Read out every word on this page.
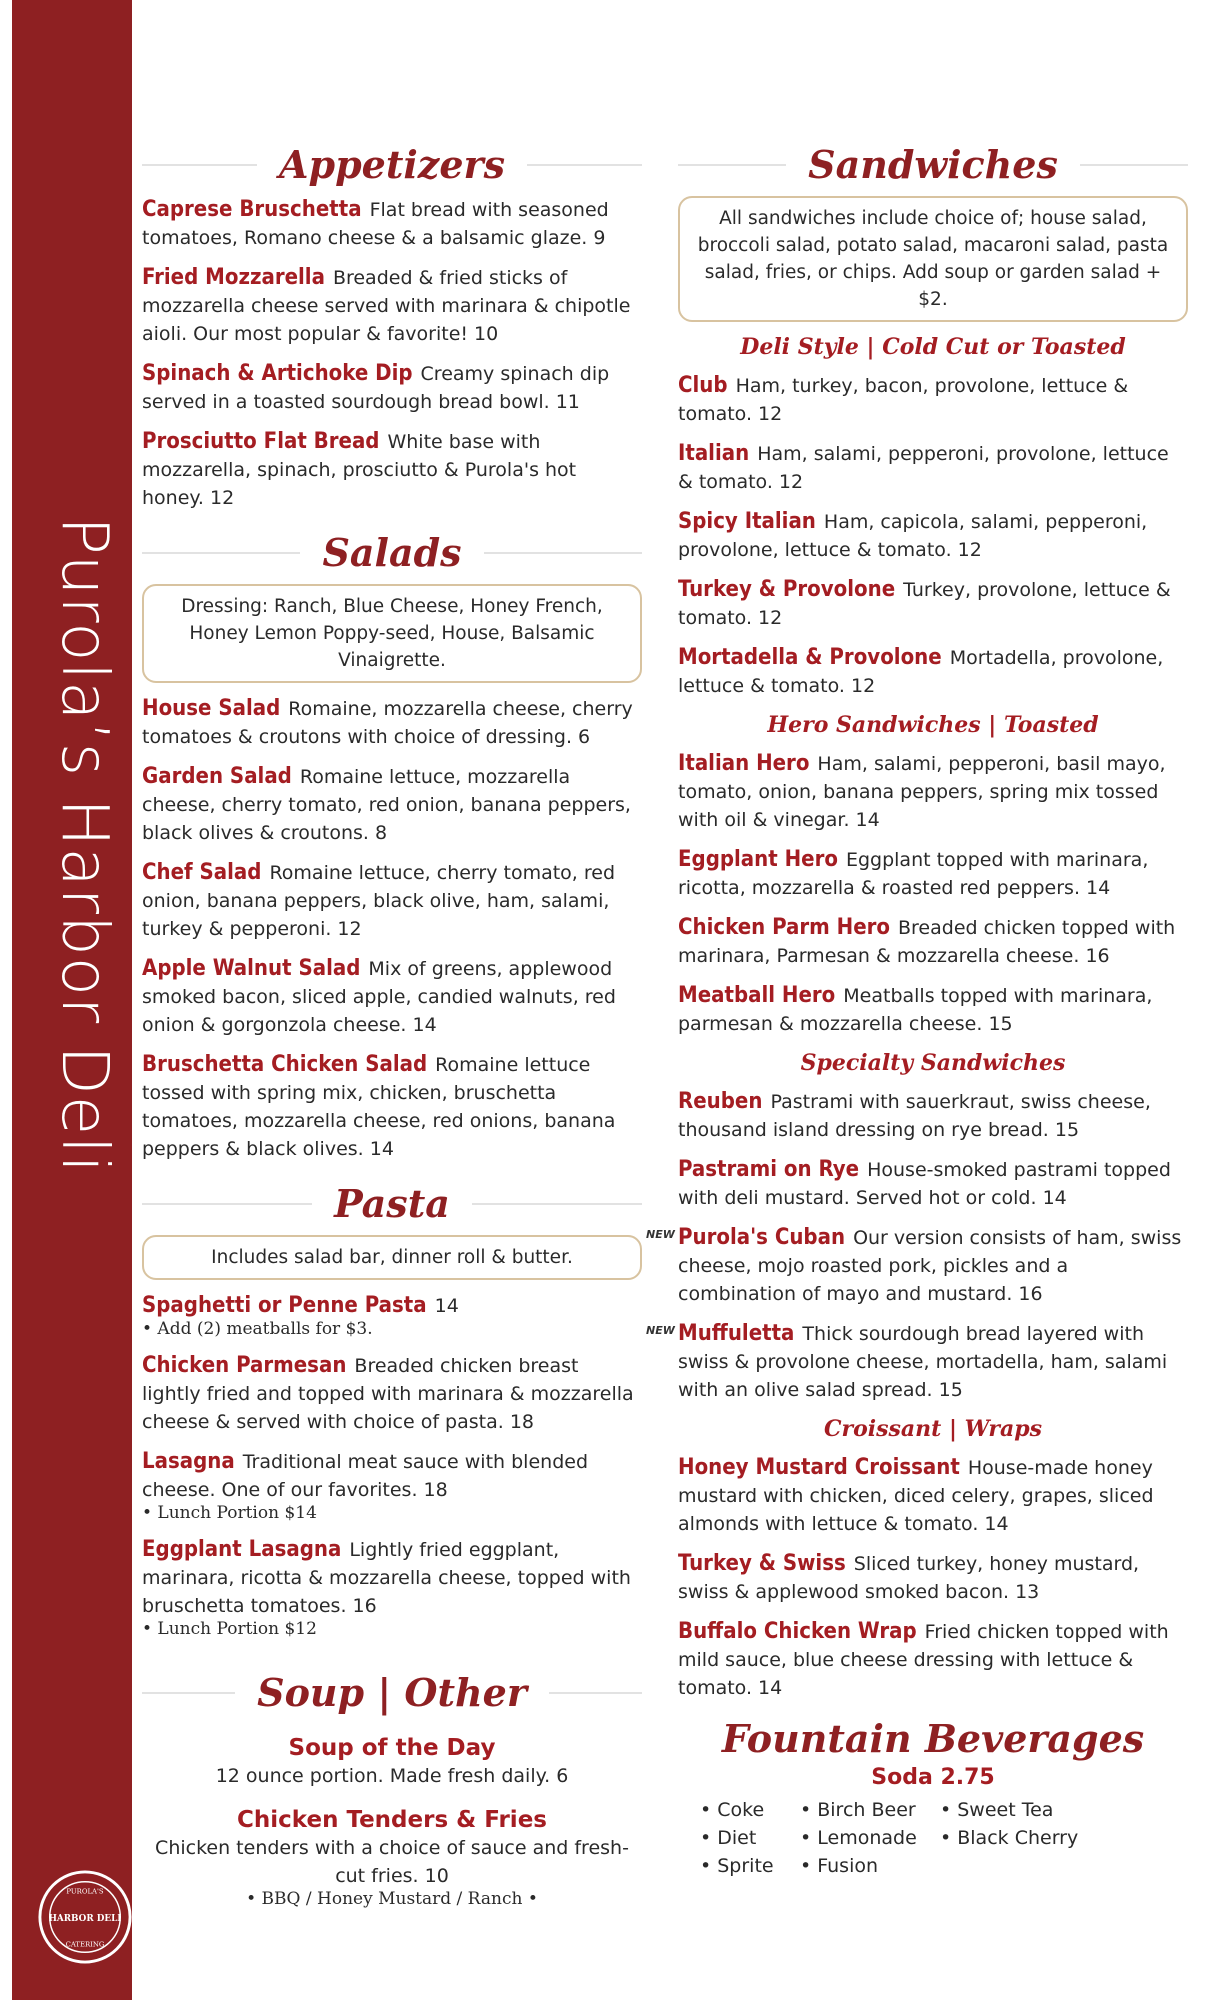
Purola’s Harbor Deli
PUROLA'S
HARBOR DELI
CATERING
Appetizers

Caprese Bruschetta Flat bread with seasoned tomatoes, Romano cheese & a balsamic glaze. 9

Fried Mozzarella Breaded & fried sticks of mozzarella cheese served with marinara & chipotle aioli. Our most popular & favorite! 10

Spinach & Artichoke Dip Creamy spinach dip served in a toasted sourdough bread bowl. 11

Prosciutto Flat Bread White base with mozzarella, spinach, prosciutto & Purola's hot honey. 12

Salads
Dressing: Ranch, Blue Cheese, Honey French, Honey Lemon Poppy-seed, House, Balsamic Vinaigrette.

House Salad Romaine, mozzarella cheese, cherry tomatoes & croutons with choice of dressing. 6

Garden Salad Romaine lettuce, mozzarella cheese, cherry tomato, red onion, banana peppers, black olives & croutons. 8

Chef Salad Romaine lettuce, cherry tomato, red onion, banana peppers, black olive, ham, salami, turkey & pepperoni. 12

Apple Walnut Salad Mix of greens, applewood smoked bacon, sliced apple, candied walnuts, red onion & gorgonzola cheese. 14

Bruschetta Chicken Salad Romaine lettuce tossed with spring mix, chicken, bruschetta tomatoes, mozzarella cheese, red onions, banana peppers & black olives. 14

Pasta
Includes salad bar, dinner roll & butter.
Spaghetti or Penne Pasta 14
• Add (2) meatballs for $3.
Chicken Parmesan Breaded chicken breast lightly fried and topped with marinara & mozzarella cheese & served with choice of pasta. 18
Lasagna Traditional meat sauce with blended cheese. One of our favorites. 18
• Lunch Portion $14
Eggplant Lasagna Lightly fried eggplant, marinara, ricotta & mozzarella cheese, topped with bruschetta tomatoes. 16
• Lunch Portion $12
Soup | Other
Soup of the Day
12 ounce portion. Made fresh daily. 6
Chicken Tenders & Fries
Chicken tenders with a choice of sauce and fresh-cut fries. 10
• BBQ / Honey Mustard / Ranch •
Sandwiches
All sandwiches include choice of; house salad, broccoli salad, potato salad, macaroni salad, pasta salad, fries, or chips. Add soup or garden salad + $2.
Deli Style | Cold Cut or Toasted

Club Ham, turkey, bacon, provolone, lettuce & tomato. 12

Italian Ham, salami, pepperoni, provolone, lettuce & tomato. 12

Spicy Italian Ham, capicola, salami, pepperoni, provolone, lettuce & tomato. 12

Turkey & Provolone Turkey, provolone, lettuce & tomato. 12

Mortadella & Provolone Mortadella, provolone, lettuce & tomato. 12

Hero Sandwiches | Toasted

Italian Hero Ham, salami, pepperoni, basil mayo, tomato, onion, banana peppers, spring mix tossed with oil & vinegar. 14

Eggplant Hero Eggplant topped with marinara, ricotta, mozzarella & roasted red peppers. 14

Chicken Parm Hero Breaded chicken topped with marinara, Parmesan & mozzarella cheese. 16

Meatball Hero Meatballs topped with marinara, parmesan & mozzarella cheese. 15

Specialty Sandwiches

Reuben Pastrami with sauerkraut, swiss cheese, thousand island dressing on rye bread. 15

Pastrami on Rye House-smoked pastrami topped with deli mustard. Served hot or cold. 14

NEW Purola's Cuban Our version consists of ham, swiss cheese, mojo roasted pork, pickles and a combination of mayo and mustard. 16

NEW Muffuletta Thick sourdough bread layered with swiss & provolone cheese, mortadella, ham, salami with an olive salad spread. 15

Croissant | Wraps

Honey Mustard Croissant House-made honey mustard with chicken, diced celery, grapes, sliced almonds with lettuce & tomato. 14

Turkey & Swiss Sliced turkey, honey mustard, swiss & applewood smoked bacon. 13

Buffalo Chicken Wrap Fried chicken topped with mild sauce, blue cheese dressing with lettuce & tomato. 14

Fountain Beverages
Soda 2.75
• Coke	• Birch Beer	• Sweet Tea
• Diet	• Lemonade	• Black Cherry
• Sprite	• Fusion
